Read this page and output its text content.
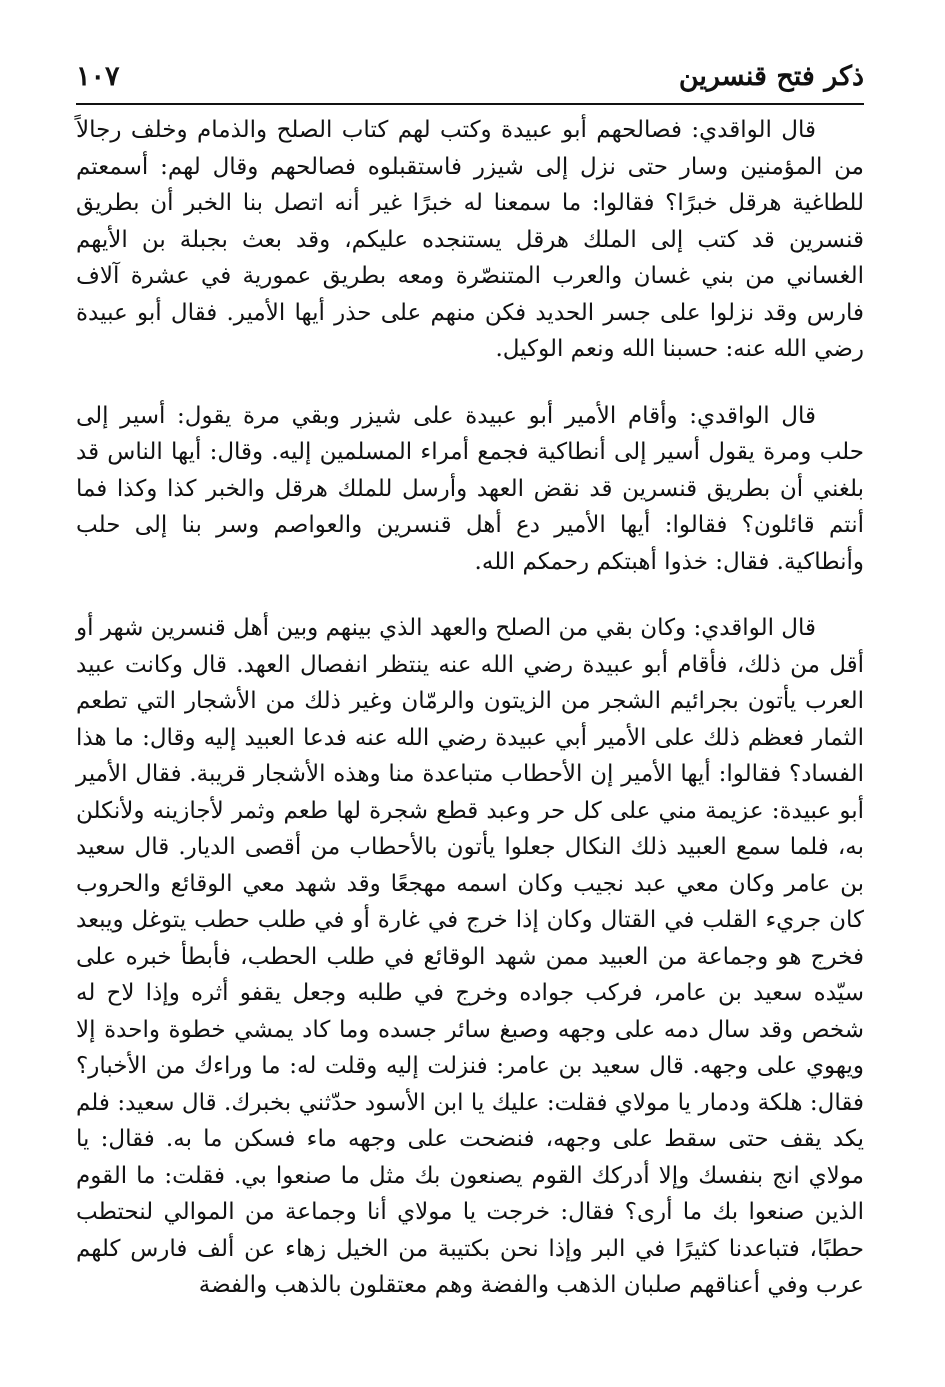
ذكر فتح قنسرين
١٠٧

قال الواقدي: فصالحهم أبو عبيدة وكتب لهم كتاب الصلح والذمام وخلف رجالاً من المؤمنين وسار حتى نزل إلى شيزر فاستقبلوه فصالحهم وقال لهم: أسمعتم للطاغية هرقل خبرًا؟ فقالوا: ما سمعنا له خبرًا غير أنه اتصل بنا الخبر أن بطريق قنسرين قد كتب إلى الملك هرقل يستنجده عليكم، وقد بعث بجبلة بن الأيهم الغساني من بني غسان والعرب المتنصّرة ومعه بطريق عمورية في عشرة آلاف فارس وقد نزلوا على جسر الحديد فكن منهم على حذر أيها الأمير. فقال أبو عبيدة رضي الله عنه: حسبنا الله ونعم الوكيل.

قال الواقدي: وأقام الأمير أبو عبيدة على شيزر وبقي مرة يقول: أسير إلى حلب ومرة يقول أسير إلى أنطاكية فجمع أمراء المسلمين إليه. وقال: أيها الناس قد بلغني أن بطريق قنسرين قد نقض العهد وأرسل للملك هرقل والخبر كذا وكذا فما أنتم قائلون؟ فقالوا: أيها الأمير دع أهل قنسرين والعواصم وسر بنا إلى حلب وأنطاكية. فقال: خذوا أهبتكم رحمكم الله.

قال الواقدي: وكان بقي من الصلح والعهد الذي بينهم وبين أهل قنسرين شهر أو أقل من ذلك، فأقام أبو عبيدة رضي الله عنه ينتظر انفصال العهد. قال وكانت عبيد العرب يأتون بجرائيم الشجر من الزيتون والرمّان وغير ذلك من الأشجار التي تطعم الثمار فعظم ذلك على الأمير أبي عبيدة رضي الله عنه فدعا العبيد إليه وقال: ما هذا الفساد؟ فقالوا: أيها الأمير إن الأحطاب متباعدة منا وهذه الأشجار قريبة. فقال الأمير أبو عبيدة: عزيمة مني على كل حر وعبد قطع شجرة لها طعم وثمر لأجازينه ولأنكلن به، فلما سمع العبيد ذلك النكال جعلوا يأتون بالأحطاب من أقصى الديار. قال سعيد بن عامر وكان معي عبد نجيب وكان اسمه مهجعًا وقد شهد معي الوقائع والحروب كان جريء القلب في القتال وكان إذا خرج في غارة أو في طلب حطب يتوغل ويبعد فخرج هو وجماعة من العبيد ممن شهد الوقائع في طلب الحطب، فأبطأ خبره على سيّده سعيد بن عامر، فركب جواده وخرج في طلبه وجعل يقفو أثره وإذا لاح له شخص وقد سال دمه على وجهه وصبغ سائر جسده وما كاد يمشي خطوة واحدة إلا ويهوي على وجهه. قال سعيد بن عامر: فنزلت إليه وقلت له: ما وراءك من الأخبار؟ فقال: هلكة ودمار يا مولاي فقلت: عليك يا ابن الأسود حدّثني بخبرك. قال سعيد: فلم يكد يقف حتى سقط على وجهه، فنضحت على وجهه ماء فسكن ما به. فقال: يا مولاي انج بنفسك وإلا أدركك القوم يصنعون بك مثل ما صنعوا بي. فقلت: ما القوم الذين صنعوا بك ما أرى؟ فقال: خرجت يا مولاي أنا وجماعة من الموالي لنحتطب حطبًا، فتباعدنا كثيرًا في البر وإذا نحن بكتيبة من الخيل زهاء عن ألف فارس كلهم عرب وفي أعناقهم صلبان الذهب والفضة وهم معتقلون بالذهب والفضة
